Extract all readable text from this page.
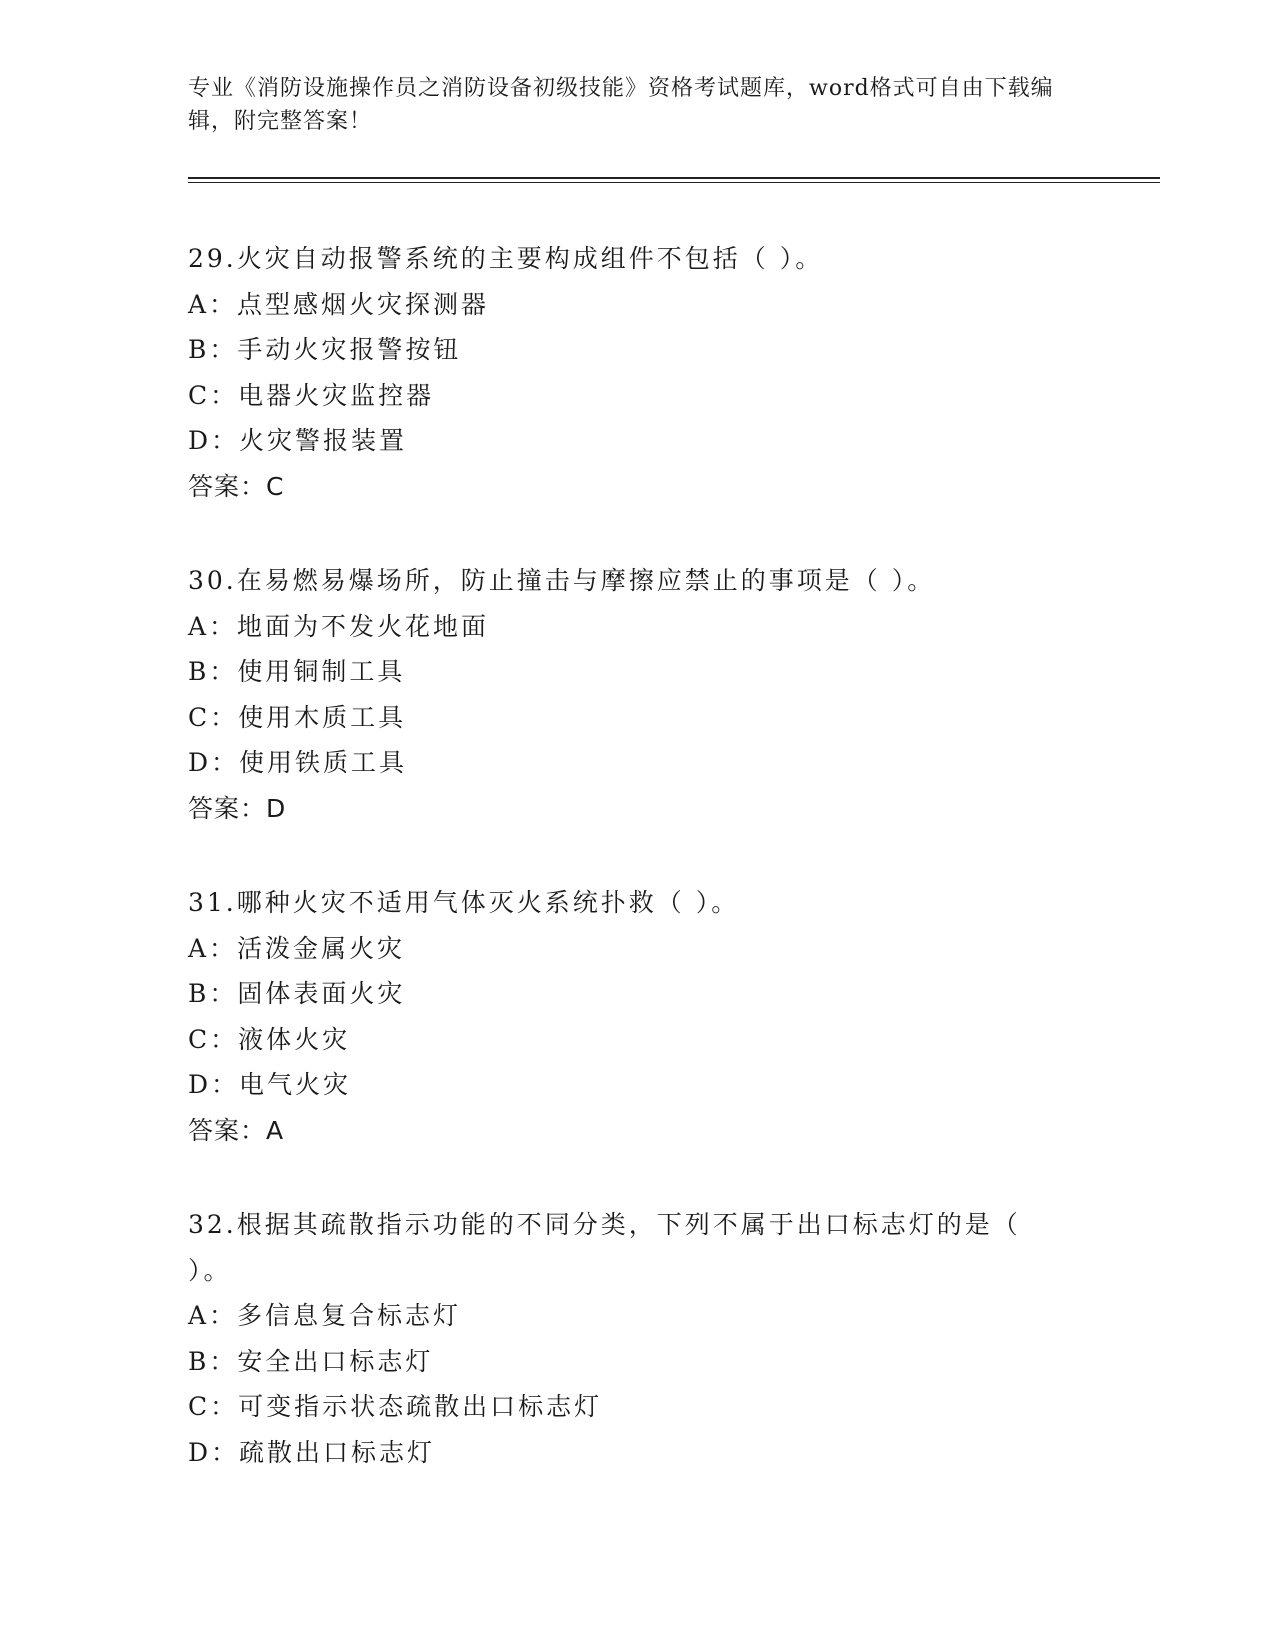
专业《消防设施操作员之消防设备初级技能》资格考试题库，word格式可自由下载编辑，附完整答案！
29.火灾自动报警系统的主要构成组件不包括（ ）。
A：点型感烟火灾探测器
B：手动火灾报警按钮
C：电器火灾监控器
D：火灾警报装置
答案：C
30.在易燃易爆场所，防止撞击与摩擦应禁止的事项是（ ）。
A：地面为不发火花地面
B：使用铜制工具
C：使用木质工具
D：使用铁质工具
答案：D
31.哪种火灾不适用气体灭火系统扑救（ ）。
A：活泼金属火灾
B：固体表面火灾
C：液体火灾
D：电气火灾
答案：A
32.根据其疏散指示功能的不同分类，下列不属于出口标志灯的是（ ）。
A：多信息复合标志灯
B：安全出口标志灯
C：可变指示状态疏散出口标志灯
D：疏散出口标志灯
